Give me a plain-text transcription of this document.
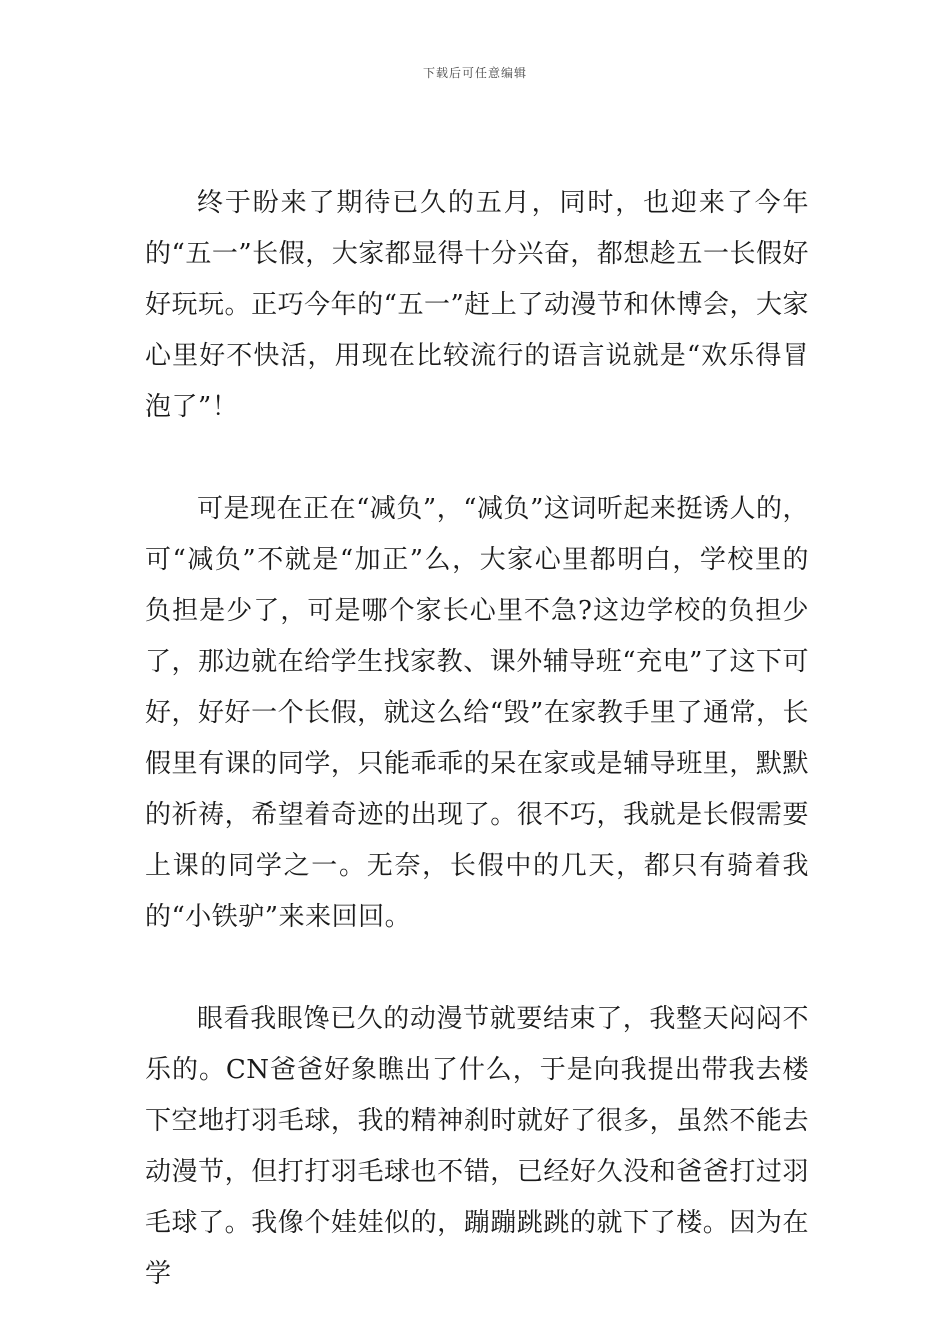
下载后可任意编辑

终于盼来了期待已久的五月，同时，也迎来了今年的“五一”长假，大家都显得十分兴奋，都想趁五一长假好好玩玩。正巧今年的“五一”赶上了动漫节和休博会，大家心里好不快活，用现在比较流行的语言说就是“欢乐得冒泡了”！

可是现在正在“减负”，“减负”这词听起来挺诱人的，可“减负”不就是“加正”么，大家心里都明白，学校里的负担是少了，可是哪个家长心里不急?这边学校的负担少了，那边就在给学生找家教、课外辅导班“充电”了这下可好，好好一个长假，就这么给“毁”在家教手里了通常，长假里有课的同学，只能乖乖的呆在家或是辅导班里，默默的祈祷，希望着奇迹的出现了。很不巧，我就是长假需要上课的同学之一。无奈，长假中的几天，都只有骑着我的“小铁驴”来来回回。

眼看我眼馋已久的动漫节就要结束了，我整天闷闷不乐的。CN爸爸好象瞧出了什么，于是向我提出带我去楼下空地打羽毛球，我的精神刹时就好了很多，虽然不能去动漫节，但打打羽毛球也不错，已经好久没和爸爸打过羽毛球了。我像个娃娃似的，蹦蹦跳跳的就下了楼。因为在学
